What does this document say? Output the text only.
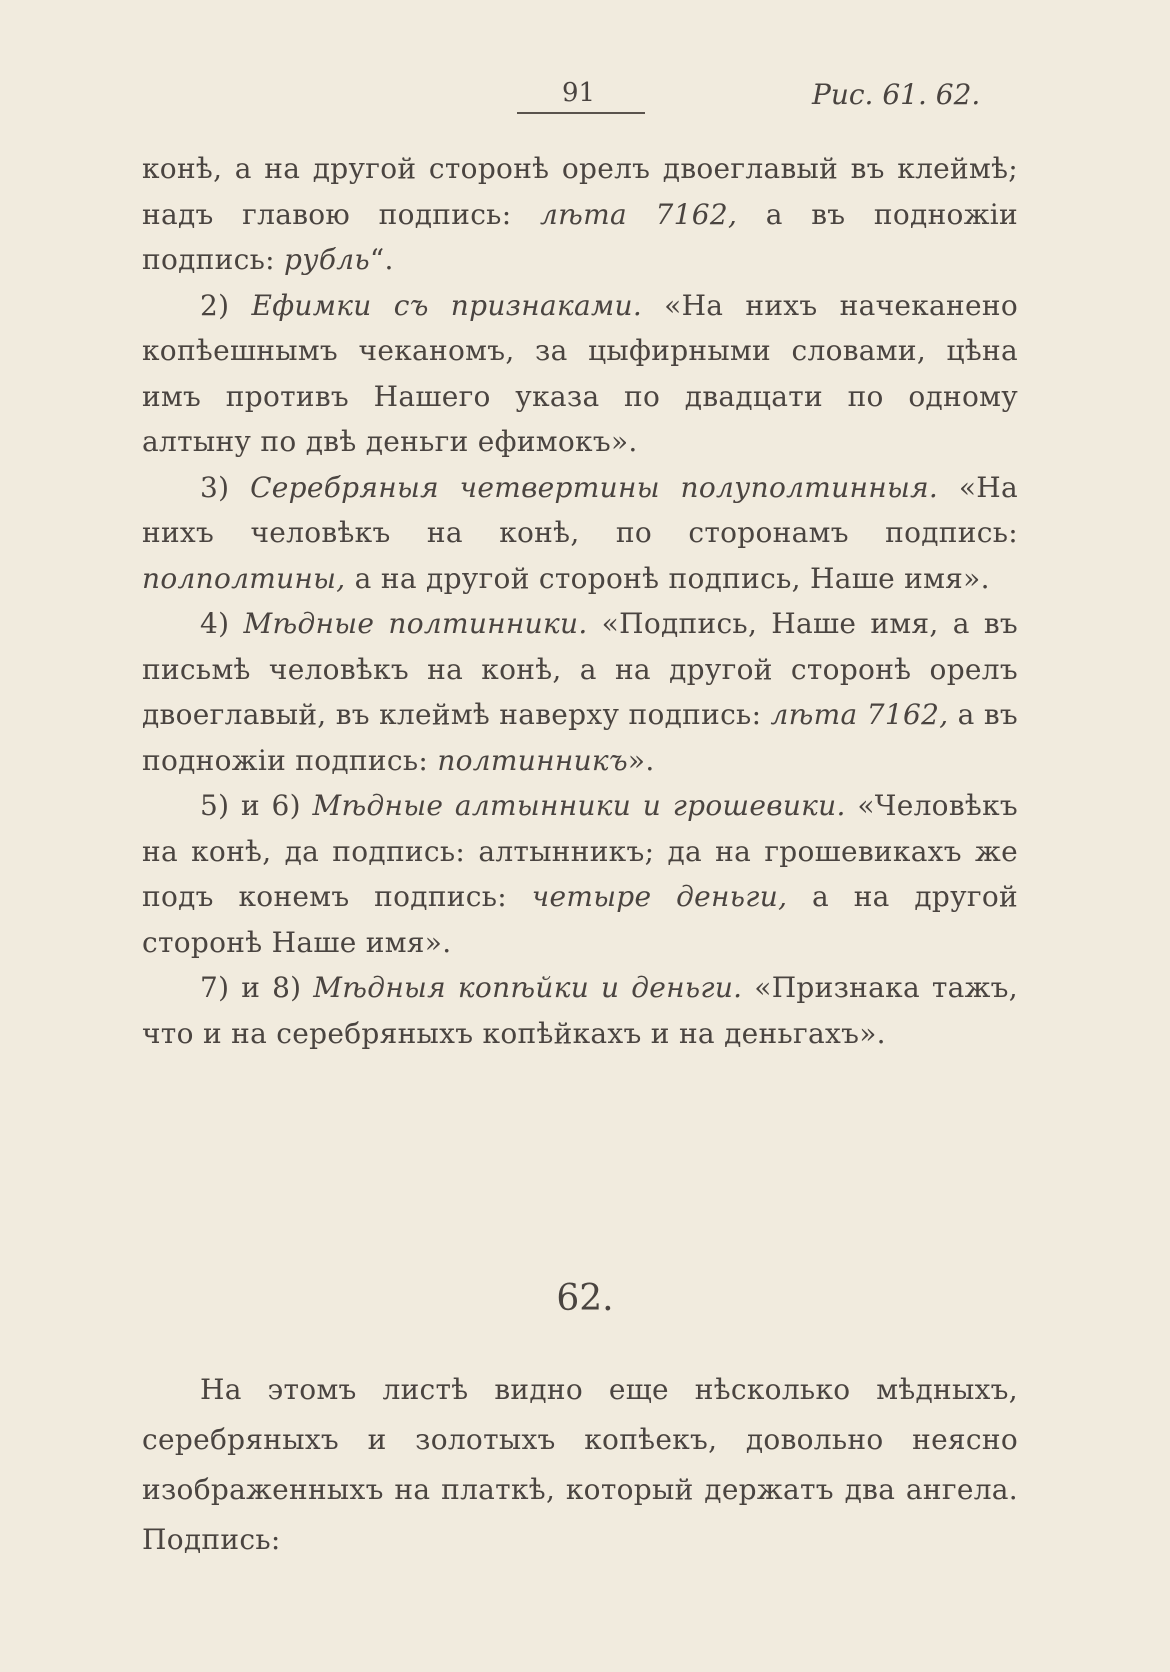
91	Рис. 61. 62.

конѣ, а на другой сторонѣ орелъ двоеглавый въ клеймѣ; надъ главою подпись: лѣта 7162, а въ подножіи подпись: рубль“.

2) Ефимки съ признаками. «На нихъ начеканено копѣешнымъ чеканомъ, за цыфирными словами, цѣна имъ противъ Нашего указа по двадцати по одному алтыну по двѣ деньги ефимокъ».

3) Серебряныя четвертины полуполтинныя. «На нихъ человѣкъ на конѣ, по сторонамъ подпись: полполтины, а на другой сторонѣ подпись, Наше имя».

4) Мѣдные полтинники. «Подпись, Наше имя, а въ письмѣ человѣкъ на конѣ, а на другой сторонѣ орелъ двоеглавый, въ клеймѣ наверху подпись: лѣта 7162, а въ подножіи подпись: полтинникъ».

5) и 6) Мѣдные алтынники и грошевики. «Человѣкъ на конѣ, да подпись: алтынникъ; да на грошевикахъ же подъ конемъ подпись: четыре деньги, а на другой сторонѣ Наше имя».

7) и 8) Мѣдныя копѣйки и деньги. «Признака тажъ, что и на серебряныхъ копѣйкахъ и на деньгахъ».

62.

На этомъ листѣ видно еще нѣсколько мѣдныхъ, серебряныхъ и золотыхъ копѣекъ, довольно неясно изображенныхъ на платкѣ, который держатъ два ангела. Подпись:
